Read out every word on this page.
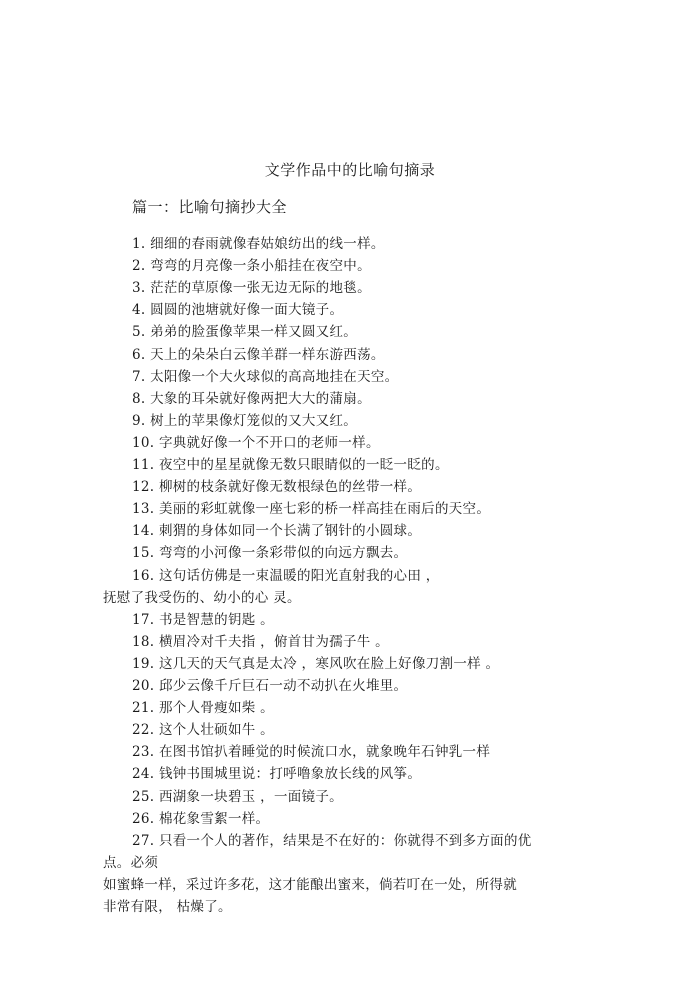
文学作品中的比喻句摘录
篇一：比喻句摘抄大全
1. 细细的春雨就像春姑娘纺出的线一样。
2. 弯弯的月亮像一条小船挂在夜空中。
3. 茫茫的草原像一张无边无际的地毯。
4. 圆圆的池塘就好像一面大镜子。
5. 弟弟的脸蛋像苹果一样又圆又红。
6. 天上的朵朵白云像羊群一样东游西荡。
7. 太阳像一个大火球似的高高地挂在天空。
8. 大象的耳朵就好像两把大大的蒲扇。
9. 树上的苹果像灯笼似的又大又红。
10. 字典就好像一个不开口的老师一样。
11. 夜空中的星星就像无数只眼睛似的一眨一眨的。
12. 柳树的枝条就好像无数根绿色的丝带一样。
13. 美丽的彩虹就像一座七彩的桥一样高挂在雨后的天空。
14. 刺猬的身体如同一个长满了钢针的小圆球。
15. 弯弯的小河像一条彩带似的向远方飘去。
16. 这句话仿佛是一束温暖的阳光直射我的心田 ，
抚慰了我受伤的、幼小的心 灵。
17. 书是智慧的钥匙 。
18. 横眉冷对千夫指 ，俯首甘为孺子牛 。
19. 这几天的天气真是太冷 ，寒风吹在脸上好像刀割一样 。
20. 邱少云像千斤巨石一动不动扒在火堆里。
21. 那个人骨瘦如柴 。
22. 这个人壮硕如牛 。
23. 在图书馆扒着睡觉的时候流口水，就象晚年石钟乳一样
24. 钱钟书围城里说：打呼噜象放长线的风筝。
25. 西湖象一块碧玉 ，一面镜子。
26. 棉花象雪絮一样。
27. 只看一个人的著作，结果是不在好的：你就得不到多方面的优
点。必须
如蜜蜂一样，采过许多花，这才能酿出蜜来，倘若叮在一处，所得就
非常有限， 枯燥了。
